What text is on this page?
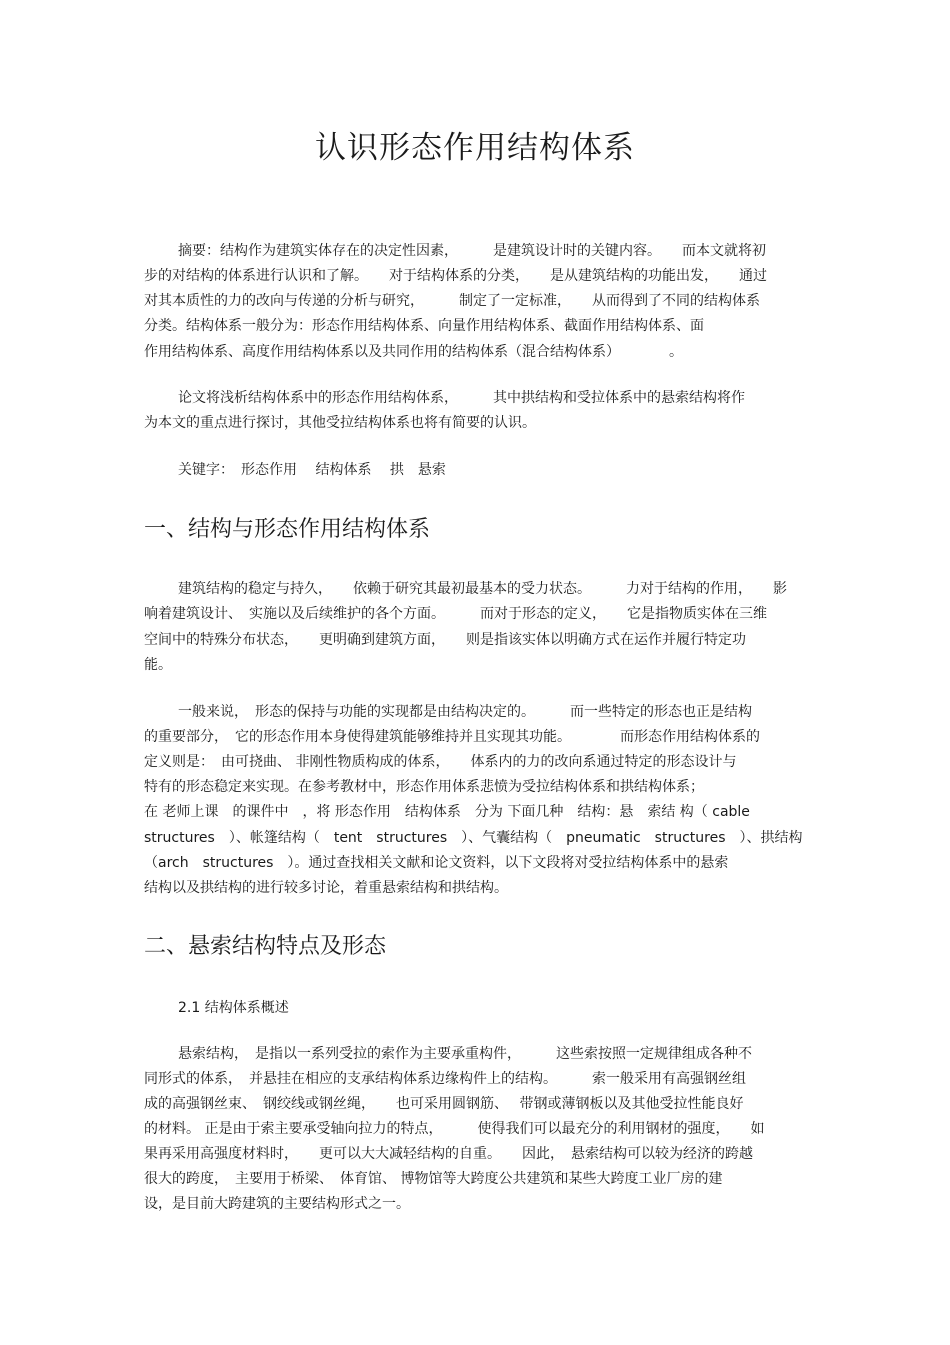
认识形态作用结构体系
摘要：结构作为建筑实体存在的决定性因素，　　　是建筑设计时的关键内容。　　而本文就将初
步的对结构的体系进行认识和了解。　　对于结构体系的分类，　　是从建筑结构的功能出发，　　通过
对其本质性的力的改向与传递的分析与研究，　　　制定了一定标准，　　从而得到了不同的结构体系
分类。结构体系一般分为：形态作用结构体系、向量作用结构体系、截面作用结构体系、面
作用结构体系、高度作用结构体系以及共同作用的结构体系（混合结构体系）　　　　。
论文将浅析结构体系中的形态作用结构体系，　　　其中拱结构和受拉体系中的悬索结构将作
为本文的重点进行探讨，其他受拉结构体系也将有简要的认识。
关键字：　形态作用　 结构体系　 拱　悬索
一、结构与形态作用结构体系
建筑结构的稳定与持久，　　依赖于研究其最初最基本的受力状态。　　　力对于结构的作用，　　影
响着建筑设计、　实施以及后续维护的各个方面。　　　而对于形态的定义，　　它是指物质实体在三维
空间中的特殊分布状态，　　更明确到建筑方面，　　则是指该实体以明确方式在运作并履行特定功
能。
一般来说，　形态的保持与功能的实现都是由结构决定的。　　　而一些特定的形态也正是结构
的重要部分，　它的形态作用本身使得建筑能够维持并且实现其功能。　　　　而形态作用结构体系的
定义则是：　由可挠曲、 非刚性物质构成的体系，　　体系内的力的改向系通过特定的形态设计与
特有的形态稳定来实现。在参考教材中，形态作用体系悲愤为受拉结构体系和拱结构体系；
在 老师上课　的课件中　，将 形态作用　结构体系　分为 下面几种　结构：悬　索结 构（ cable
structures　）、帐篷结构（　tent　structures　）、气囊结构（　pneumatic　structures　）、拱结构
（arch　structures　）。通过查找相关文献和论文资料，以下文段将对受拉结构体系中的悬索
结构以及拱结构的进行较多讨论，着重悬索结构和拱结构。
二、悬索结构特点及形态
2.1 结构体系概述
悬索结构，　是指以一系列受拉的索作为主要承重构件，　　　这些索按照一定规律组成各种不
同形式的体系，　并悬挂在相应的支承结构体系边缘构件上的结构。　　　索一般采用有高强钢丝组
成的高强钢丝束、　钢绞线或钢丝绳，　　也可采用圆钢筋、　 带钢或薄钢板以及其他受拉性能良好
的材料。 正是由于索主要承受轴向拉力的特点，　　　使得我们可以最充分的利用钢材的强度，　　如
果再采用高强度材料时，　　更可以大大减轻结构的自重。　　因此，　悬索结构可以较为经济的跨越
很大的跨度，　主要用于桥梁、　体育馆、 博物馆等大跨度公共建筑和某些大跨度工业厂房的建
设，是目前大跨建筑的主要结构形式之一。
